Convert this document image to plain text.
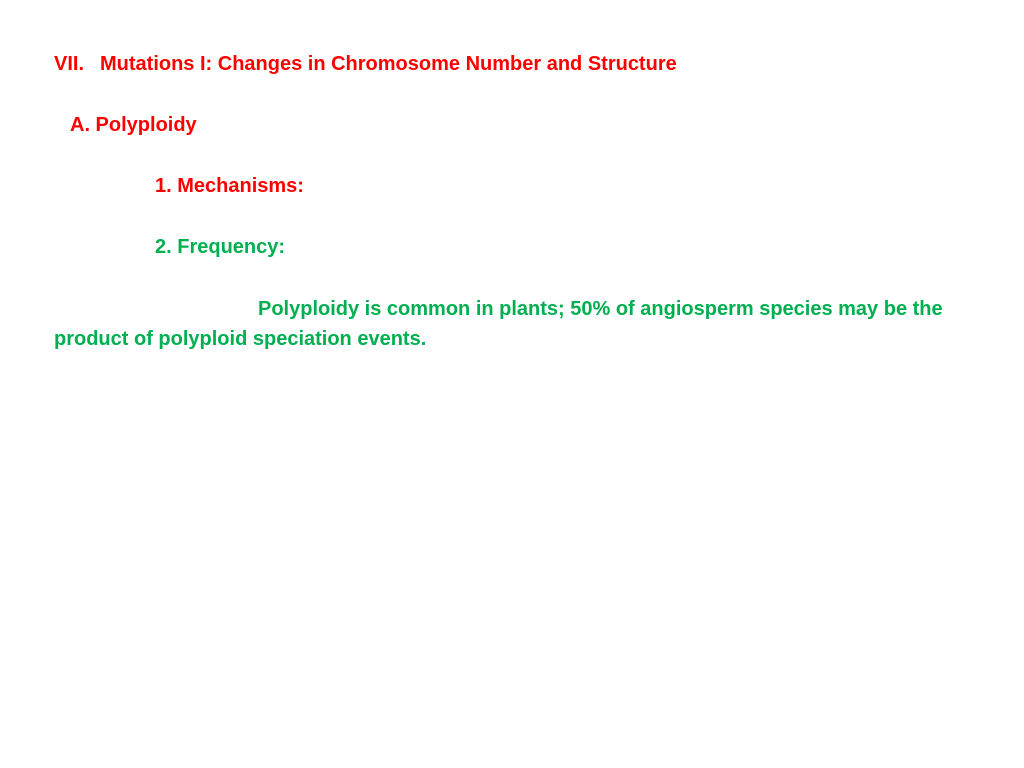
VII. Mutations I: Changes in Chromosome Number and Structure
A. Polyploidy
1. Mechanisms:
2. Frequency:
Polyploidy is common in plants; 50% of angiosperm species may be the product of polyploid speciation events.
